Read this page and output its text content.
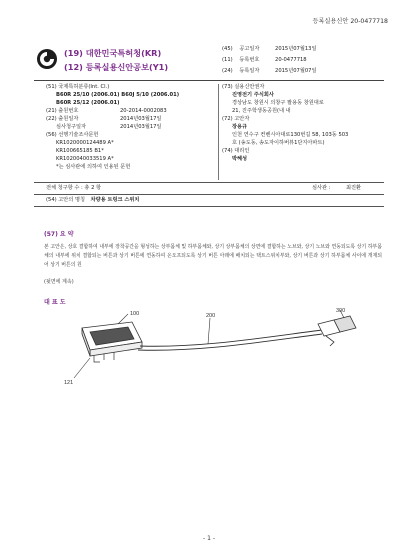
등록실용신안 20-0477718
(19) 대한민국특허청(KR)
(12) 등록실용신안공보(Y1)
(45) 공고일자	2015년07월13일
(11) 등록번호	20-0477718
(24) 등록일자	2015년07월07일
(51) 국제특허분류(Int. Cl.)
B60R 25/10 (2006.01) B60J 5/10 (2006.01)
B60R 25/12 (2006.01)
(21) 출원번호	20-2014-0002083
(22) 출원일자	2014년03월17일
심사청구일자	2014년03월17일
(56) 선행기술조사문헌
KR1020000124489 A*
KR100665185 B1*
KR1020040033519 A*
*는 심사관에 의하여 인용된 문헌
(73) 실용신안권자
진영전기 주식회사
경상남도 창원시 의창구 팔용동 창원대로
21, 진주학생동공원(내 내
(72) 고안자
장용규
인천 연수구 컨벤시아대로130번길 58, 103동 503
호 (송도동, 송도자이하버뷰1단지아파트)
(74) 대리인
박혜성
전체 청구항 수 : 총 2 항	심사관 :	최진환
(54) 고안의 명칭 차량용 트렁크 스위치
(57) 요 약
본 고안은, 상호 결합하여 내부에 장착공간을 형성하는 상부몸체 및 하부몸체와, 상기 상부몸체의 상면에 결합하는 노브와, 상기 노브와 연동되도록 상기 하부몸체의 내부에 위치 결합되는 버튼과 상기 버튼에 연동하여 온오프되도록 상기 버튼 아래에 배치되는 택트스위치부와, 상기 버튼과 상기 하부몸체 사이에 개재되어 상기 버튼의 원
(뒷면에 계속)
대 표 도
100	200
300
121
- 1 -
